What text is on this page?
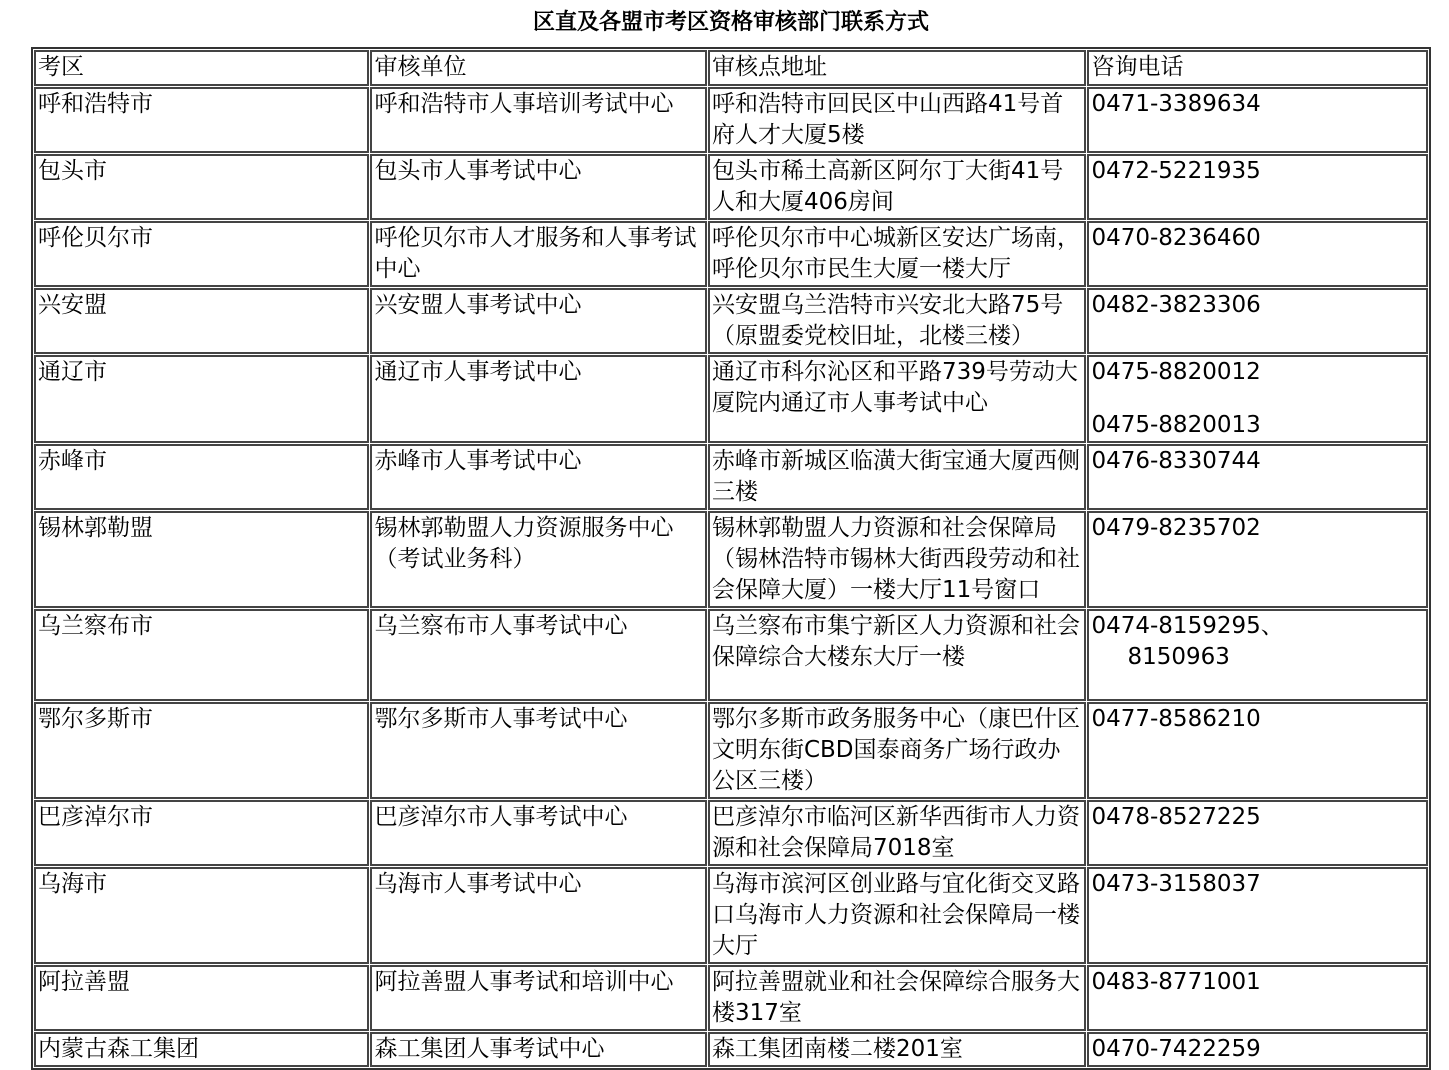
区直及各盟市考区资格审核部门联系方式
考区	审核单位	审核点地址	咨询电话
呼和浩特市	呼和浩特市人事培训考试中心	呼和浩特市回民区中山西路41号首府人才大厦5楼	0471-3389634
包头市	包头市人事考试中心	包头市稀土高新区阿尔丁大街41号人和大厦406房间	0472-5221935
呼伦贝尔市	呼伦贝尔市人才服务和人事考试中心	呼伦贝尔市中心城新区安达广场南，呼伦贝尔市民生大厦一楼大厅	0470-8236460
兴安盟	兴安盟人事考试中心	兴安盟乌兰浩特市兴安北大路75号（原盟委党校旧址，北楼三楼）	0482-3823306
通辽市	通辽市人事考试中心	通辽市科尔沁区和平路739号劳动大厦院内通辽市人事考试中心	0475-8820012
0475-8820013
赤峰市	赤峰市人事考试中心	赤峰市新城区临潢大街宝通大厦西侧三楼	0476-8330744
锡林郭勒盟	锡林郭勒盟人力资源服务中心（考试业务科）	锡林郭勒盟人力资源和社会保障局（锡林浩特市锡林大街西段劳动和社会保障大厦）一楼大厅11号窗口	0479-8235702
乌兰察布市	乌兰察布市人事考试中心	乌兰察布市集宁新区人力资源和社会保障综合大楼东大厅一楼	0474-8159295、
8150963

鄂尔多斯市	鄂尔多斯市人事考试中心	鄂尔多斯市政务服务中心（康巴什区文明东街CBD国泰商务广场行政办公区三楼）	0477-8586210
巴彦淖尔市	巴彦淖尔市人事考试中心	巴彦淖尔市临河区新华西街市人力资源和社会保障局7018室	0478-8527225
乌海市	乌海市人事考试中心	乌海市滨河区创业路与宜化街交叉路口乌海市人力资源和社会保障局一楼大厅	0473-3158037
阿拉善盟	阿拉善盟人事考试和培训中心	阿拉善盟就业和社会保障综合服务大楼317室	0483-8771001
内蒙古森工集团	森工集团人事考试中心	森工集团南楼二楼201室	0470-7422259
